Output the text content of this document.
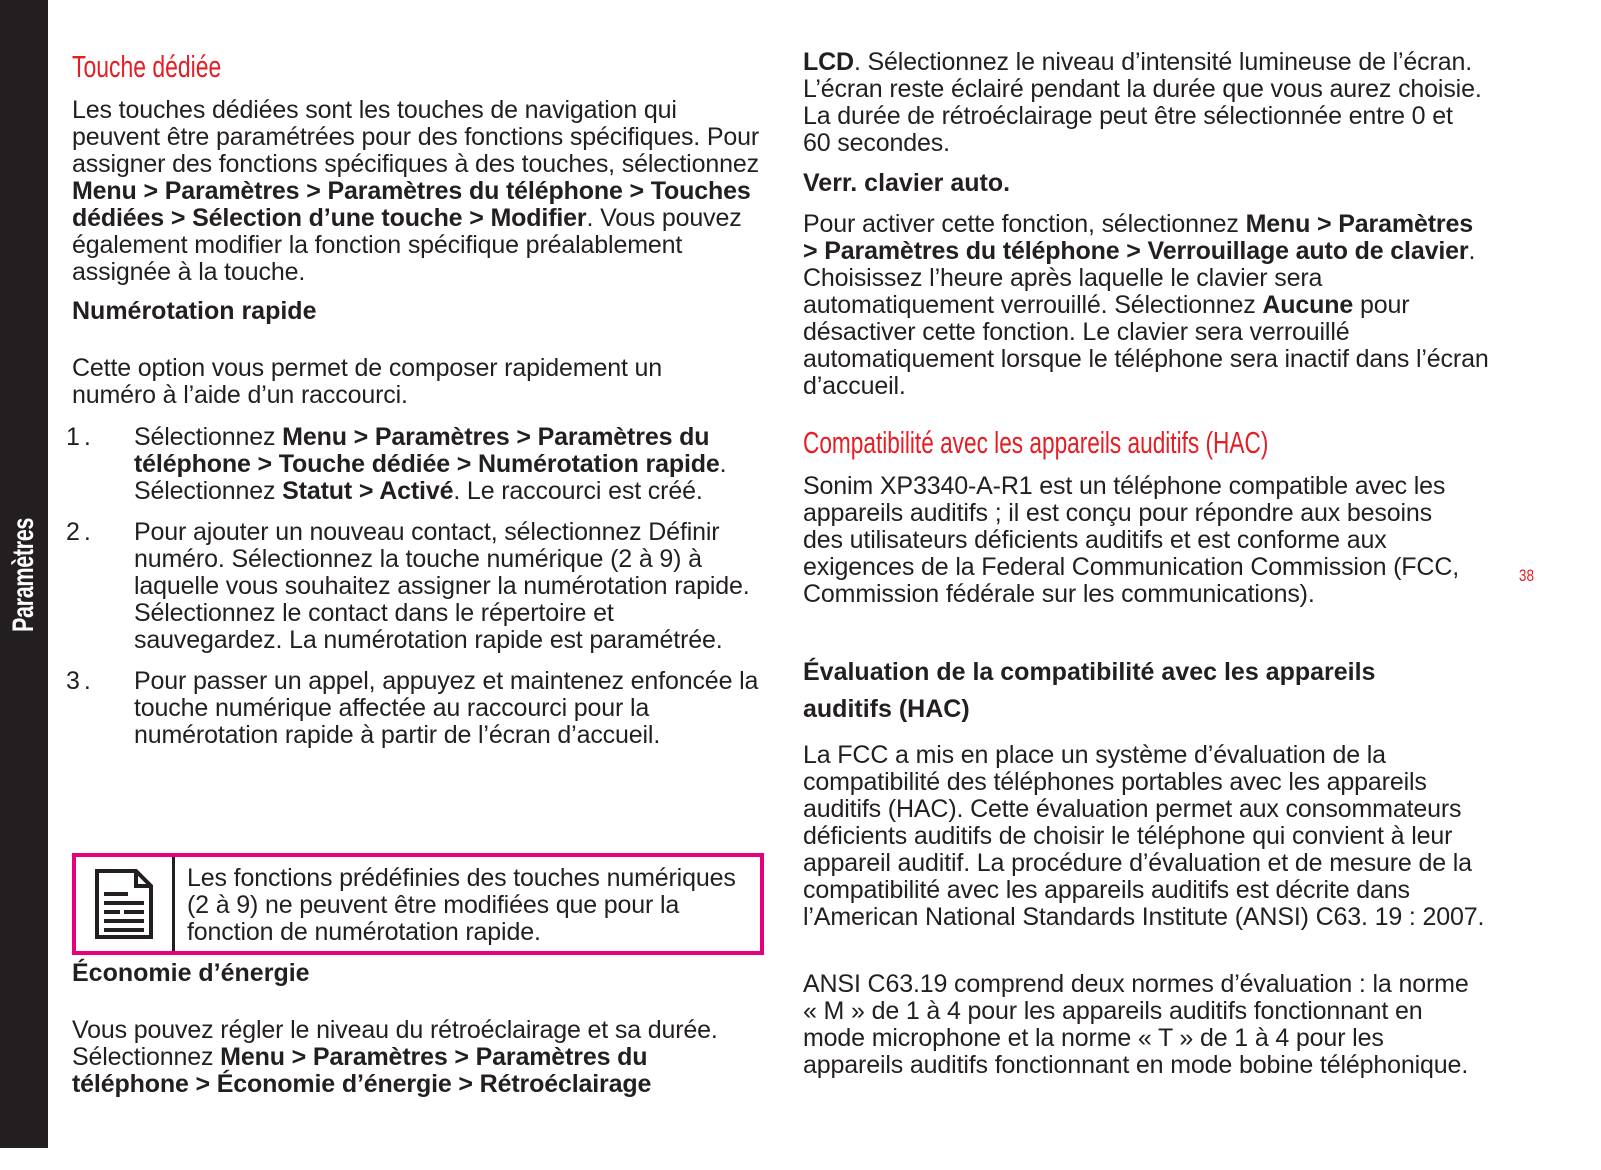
Paramètres	38
Touche dédiée

Les touches dédiées sont les touches de navigation qui peuvent être paramétrées pour des fonctions spécifiques. Pour assigner des fonctions spécifiques à des touches, sélectionnez Menu > Paramètres > Paramètres du téléphone > Touches dédiées > Sélection d’une touche > Modifier. Vous pouvez également modifier la fonction spécifique préalablement assignée à la touche.

Numérotation rapide

Cette option vous permet de composer rapidement un numéro à l’aide d’un raccourci.

1. Sélectionnez Menu > Paramètres > Paramètres du téléphone > Touche dédiée > Numérotation rapide. Sélectionnez Statut > Activé. Le raccourci est créé.
2. Pour ajouter un nouveau contact, sélectionnez Définir numéro. Sélectionnez la touche numérique (2 à 9) à laquelle vous souhaitez assigner la numérotation rapide. Sélectionnez le contact dans le répertoire et sauvegardez. La numérotation rapide est paramétrée.
3. Pour passer un appel, appuyez et maintenez enfoncée la touche numérique affectée au raccourci pour la numérotation rapide à partir de l’écran d’accueil.
Les fonctions prédéfinies des touches numériques (2 à 9) ne peuvent être modifiées que pour la fonction de numérotation rapide.
Économie d’énergie

Vous pouvez régler le niveau du rétroéclairage et sa durée. Sélectionnez Menu > Paramètres > Paramètres du téléphone > Économie d’énergie > Rétroéclairage

LCD. Sélectionnez le niveau d’intensité lumineuse de l’écran. L’écran reste éclairé pendant la durée que vous aurez choisie. La durée de rétroéclairage peut être sélectionnée entre 0 et 60 secondes.

Verr. clavier auto.

Pour activer cette fonction, sélectionnez Menu > Paramètres > Paramètres du téléphone > Verrouillage auto de clavier. Choisissez l’heure après laquelle le clavier sera automatiquement verrouillé. Sélectionnez Aucune pour désactiver cette fonction. Le clavier sera verrouillé automatiquement lorsque le téléphone sera inactif dans l’écran d’accueil.

Compatibilité avec les appareils auditifs (HAC)

Sonim XP3340-A-R1 est un téléphone compatible avec les appareils auditifs ; il est conçu pour répondre aux besoins des utilisateurs déficients auditifs et est conforme aux exigences de la Federal Communication Commission (FCC, Commission fédérale sur les communications).

Évaluation de la compatibilité avec les appareils
auditifs (HAC)

La FCC a mis en place un système d’évaluation de la compatibilité des téléphones portables avec les appareils auditifs (HAC). Cette évaluation permet aux consommateurs déficients auditifs de choisir le téléphone qui convient à leur appareil auditif. La procédure d’évaluation et de mesure de la compatibilité avec les appareils auditifs est décrite dans l’American National Standards Institute (ANSI) C63. 19 : 2007.

ANSI C63.19 comprend deux normes d’évaluation : la norme « M » de 1 à 4 pour les appareils auditifs fonctionnant en mode microphone et la norme « T » de 1 à 4 pour les appareils auditifs fonctionnant en mode bobine téléphonique.
